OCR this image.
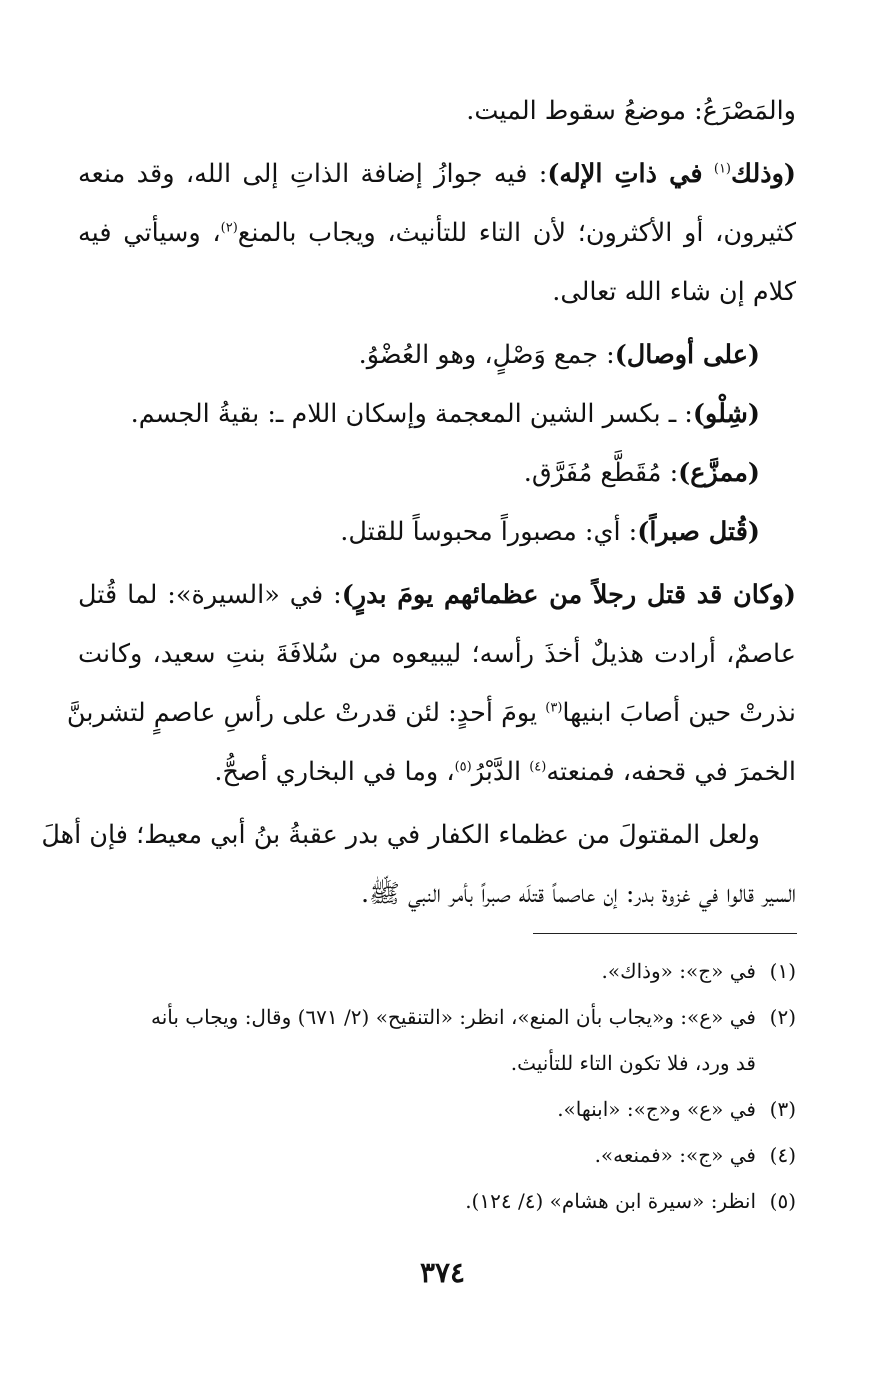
والمَصْرَعُ: موضعُ سقوط الميت.

(وذلك$^{(١)}$ في ذاتِ الإله): فيه جوازُ إضافة الذاتِ إلى الله، وقد منعه
كثيرون، أو الأكثرون؛ لأن التاء للتأنيث، ويجاب بالمنع$^{(٢)}$، وسيأتي فيه
كلام إن شاء الله تعالى.

(على أوصال): جمع وَصْلٍ، وهو العُضْوُ.

(شِلْو): ـ بكسر الشين المعجمة وإسكان اللام ـ: بقيةُ الجسم.

(ممزَّع): مُقَطَّع مُفَرَّق.

(قُتل صبراً): أي: مصبوراً محبوساً للقتل.

(وكان قد قتل رجلاً من عظمائهم يومَ بدرٍ): في «السيرة»: لما قُتل
عاصمٌ، أرادت هذيلٌ أخذَ رأسه؛ ليبيعوه من سُلافَةَ بنتِ سعيد، وكانت
نذرتْ حين أصابَ ابنيها$^{(٣)}$ يومَ أحدٍ: لئن قدرتْ على رأسِ عاصمٍ لتشربنَّ
الخمرَ في قحفه، فمنعته$^{(٤)}$ الدَّبْرُ$^{(٥)}$، وما في البخاري أصحُّ.

ولعل المقتولَ من عظماء الكفار في بدر عقبةُ بنُ أبي معيط؛ فإن أهلَ
السير قالوا في غزوة بدر: إن عاصماً قتلَه صبراً بأمر النبي ﷺ.

(١)في «ج»: «وذاك».
(٢)في «ع»: و«يجاب بأن المنع»، انظر: «التنقيح» (٢/ ٦٧١) وقال: ويجاب بأنه
قد ورد، فلا تكون التاء للتأنيث.
(٣)في «ع» و«ج»: «ابنها».
(٤)في «ج»: «فمنعه».
(٥)انظر: «سيرة ابن هشام» (٤/ ١٢٤).
٣٧٤
